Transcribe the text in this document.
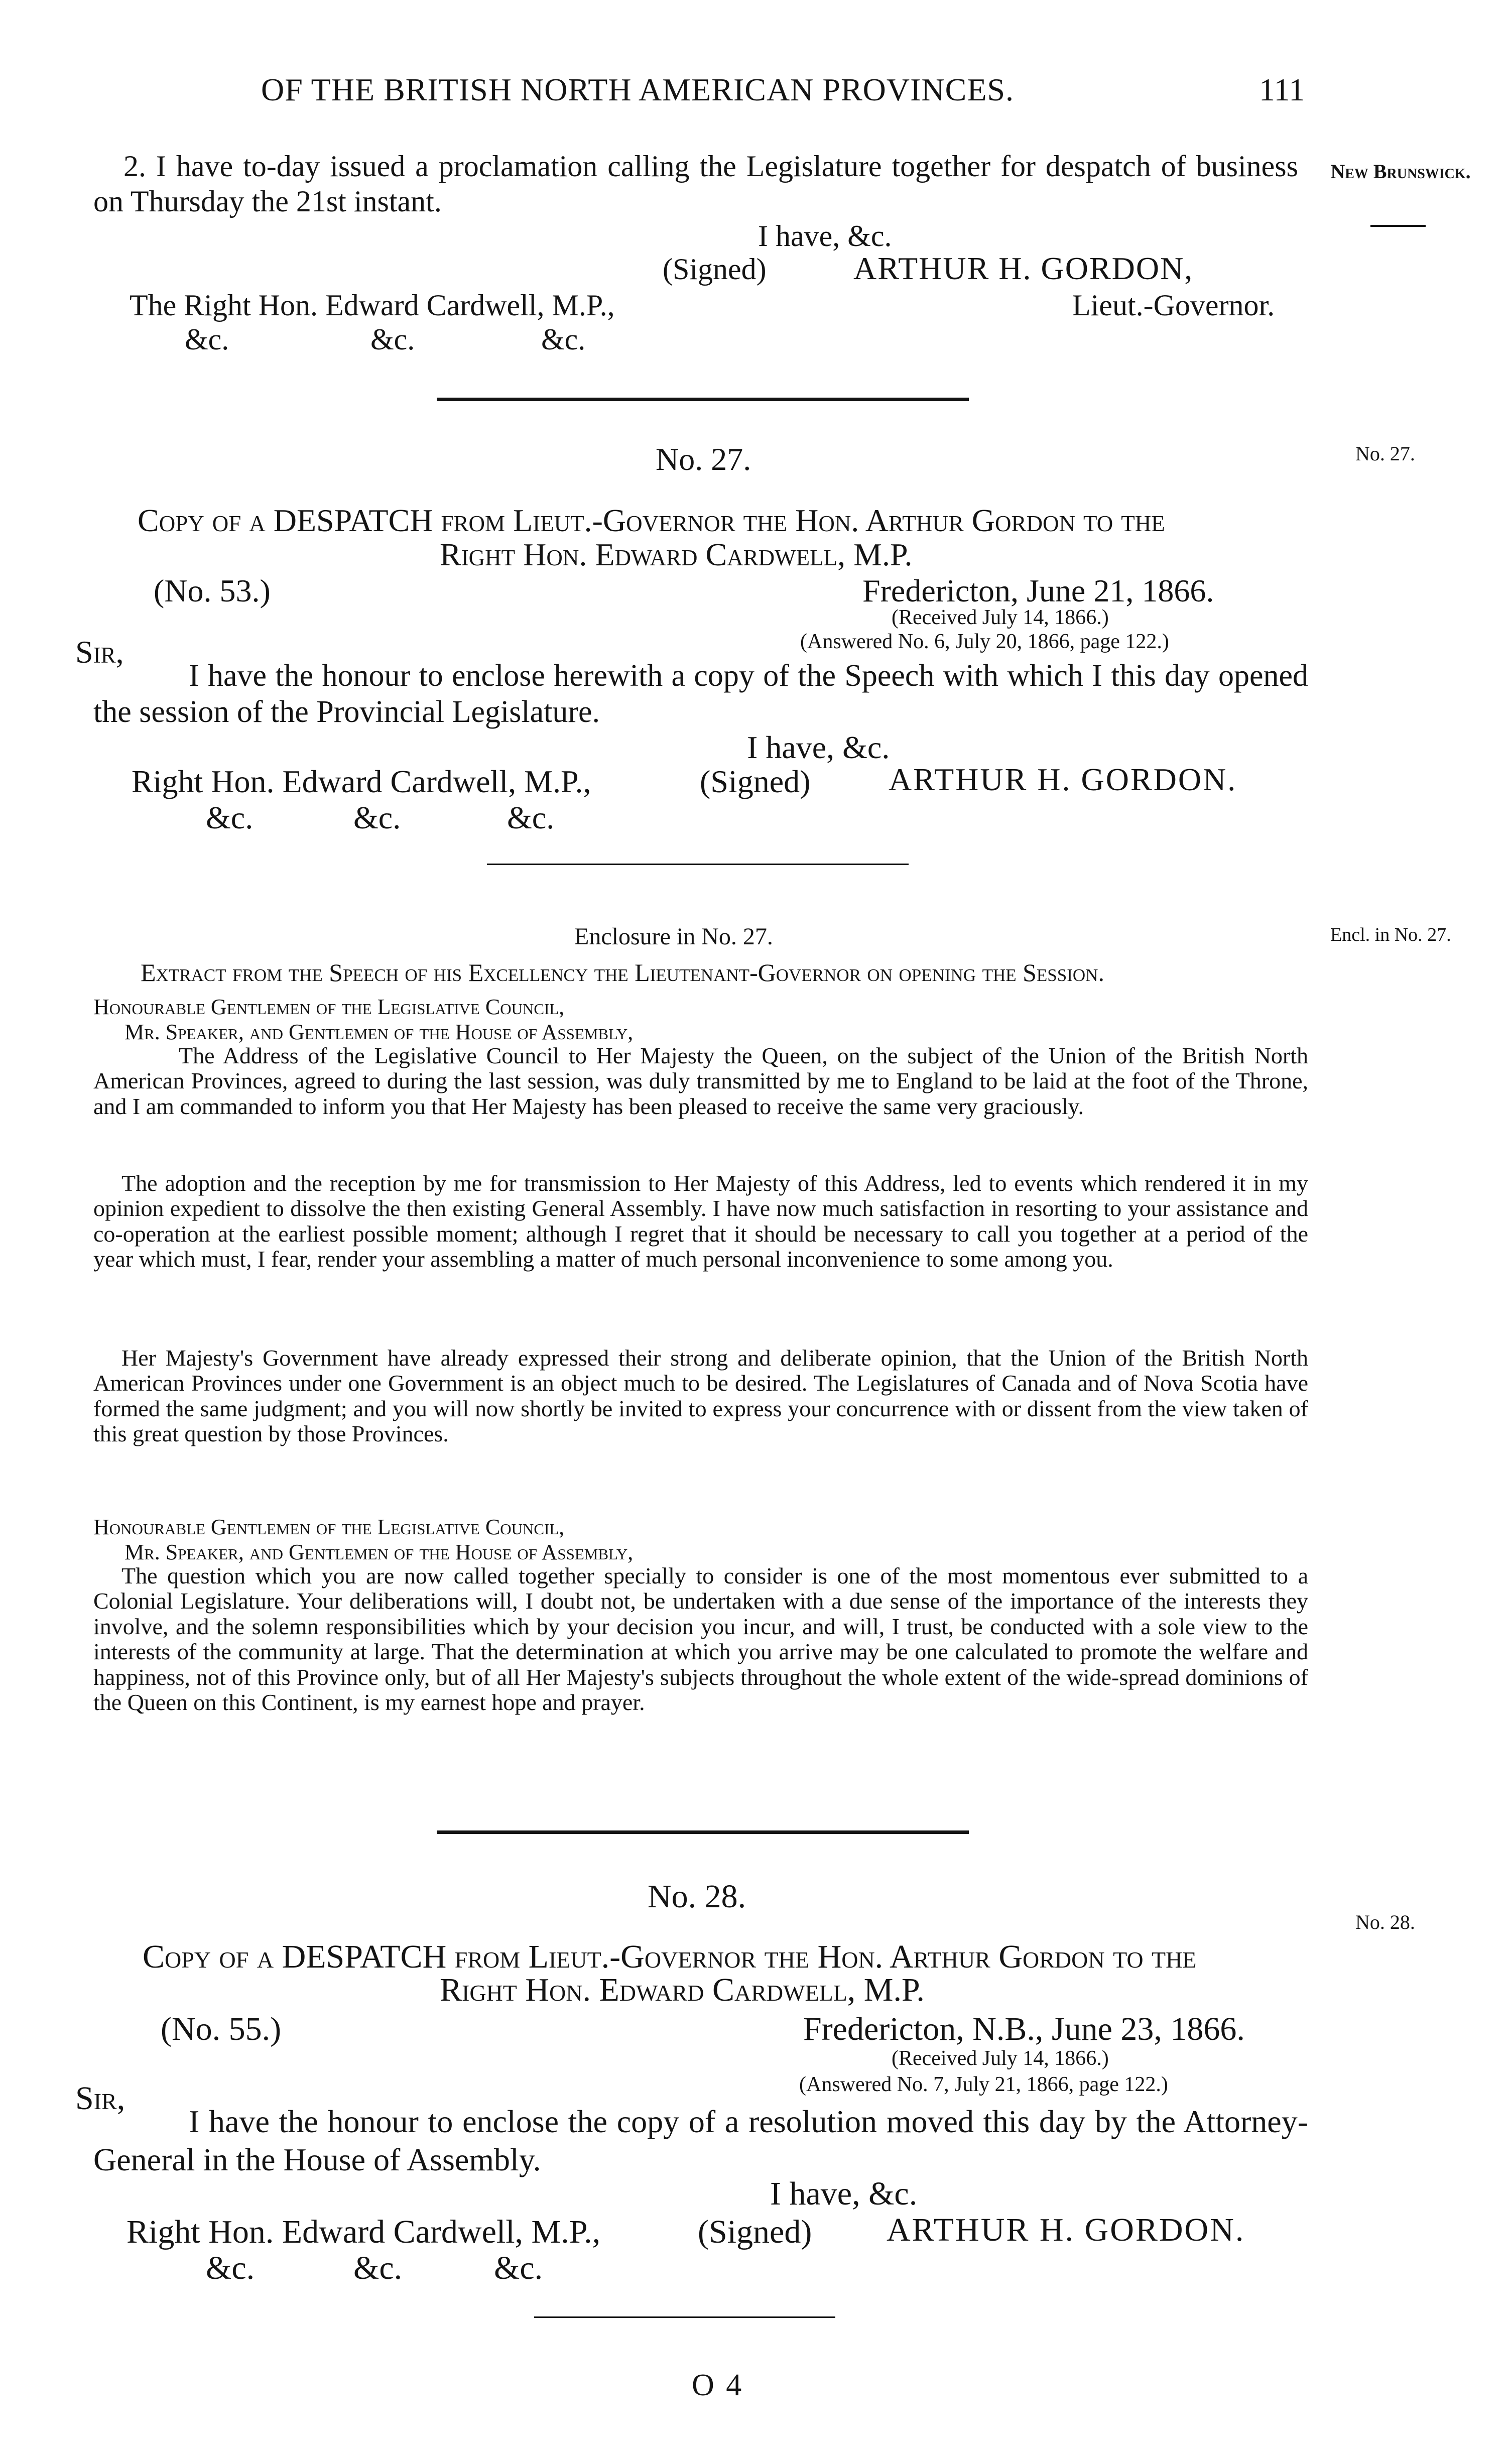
OF THE BRITISH NORTH AMERICAN PROVINCES.	111
New Brunswick.
No. 27.
Encl. in No. 27.
No. 28.
2. I have to-day issued a proclamation calling the Legislature together for despatch of business on Thursday the 21st instant.
I have, &c.
(Signed)	ARTHUR H. GORDON,
The Right Hon. Edward Cardwell, M.P.,	Lieut.-Governor.
&c.	&c.	&c.
No. 27.
Copy of a DESPATCH from Lieut.-Governor the Hon. Arthur Gordon to the
Right Hon. Edward Cardwell, M.P.
(No. 53.)	Fredericton, June 21, 1866.
(Received July 14, 1866.)
(Answered No. 6, July 20, 1866, page 122.)
Sir,
I have the honour to enclose herewith a copy of the Speech with which I this day opened the session of the Provincial Legislature.
I have, &c.
Right Hon. Edward Cardwell, M.P.,	(Signed) ARTHUR H. GORDON.
&c.	&c.	&c.
Enclosure in No. 27.
Extract from the Speech of his Excellency the Lieutenant-Governor on opening the Session.
Honourable Gentlemen of the Legislative Council,
Mr. Speaker, and Gentlemen of the House of Assembly,
The Address of the Legislative Council to Her Majesty the Queen, on the subject of the Union of the British North American Provinces, agreed to during the last session, was duly transmitted by me to England to be laid at the foot of the Throne, and I am commanded to inform you that Her Majesty has been pleased to receive the same very graciously.
The adoption and the reception by me for transmission to Her Majesty of this Address, led to events which rendered it in my opinion expedient to dissolve the then existing General Assembly. I have now much satisfaction in resorting to your assistance and co-operation at the earliest possible moment; although I regret that it should be necessary to call you together at a period of the year which must, I fear, render your assembling a matter of much personal inconvenience to some among you.
Her Majesty's Government have already expressed their strong and deliberate opinion, that the Union of the British North American Provinces under one Government is an object much to be desired. The Legislatures of Canada and of Nova Scotia have formed the same judgment; and you will now shortly be invited to express your concurrence with or dissent from the view taken of this great question by those Provinces.
Honourable Gentlemen of the Legislative Council,
Mr. Speaker, and Gentlemen of the House of Assembly,
The question which you are now called together specially to consider is one of the most momentous ever submitted to a Colonial Legislature. Your deliberations will, I doubt not, be undertaken with a due sense of the importance of the interests they involve, and the solemn responsibilities which by your decision you incur, and will, I trust, be conducted with a sole view to the interests of the community at large. That the determination at which you arrive may be one calculated to promote the welfare and happiness, not of this Province only, but of all Her Majesty's subjects throughout the whole extent of the wide-spread dominions of the Queen on this Continent, is my earnest hope and prayer.
No. 28.
Copy of a DESPATCH from Lieut.-Governor the Hon. Arthur Gordon to the
Right Hon. Edward Cardwell, M.P.
(No. 55.)	Fredericton, N.B., June 23, 1866.
(Received July 14, 1866.)
(Answered No. 7, July 21, 1866, page 122.)
Sir,
I have the honour to enclose the copy of a resolution moved this day by the Attorney-General in the House of Assembly.
I have, &c.
Right Hon. Edward Cardwell, M.P.,	(Signed) ARTHUR H. GORDON.
&c.	&c.	&c.
O 4
